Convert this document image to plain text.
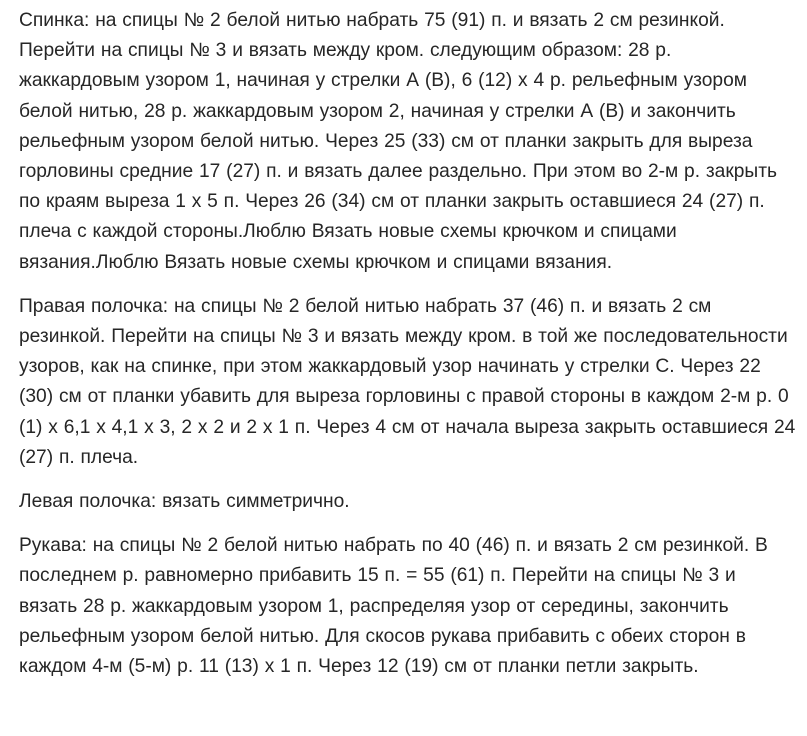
Спинка: на спицы № 2 белой нитью набрать 75 (91) п. и вязать 2 см резинкой. Перейти на спицы № 3 и вязать между кром. следующим образом: 28 р. жаккардовым узором 1, начиная у стрелки А (В), 6 (12) х 4 р. рельефным узором белой нитью, 28 р. жаккардовым узором 2, начиная у стрелки А (В) и закончить рельефным узором белой нитью. Через 25 (33) см от планки закрыть для выреза горловины средние 17 (27) п. и вязать далее раздельно. При этом во 2-м р. закрыть по краям выреза 1 х 5 п. Через 26 (34) см от планки закрыть оставшиеся 24 (27) п. плеча с каждой стороны.Люблю Вязать новые схемы крючком и спицами вязания.Люблю Вязать новые схемы крючком и спицами вязания.

Правая полочка: на спицы № 2 белой нитью набрать 37 (46) п. и вязать 2 см резинкой. Перейти на спицы № 3 и вязать между кром. в той же последовательности узоров, как на спинке, при этом жаккардовый узор начинать у стрелки С. Через 22 (30) см от планки убавить для выреза горловины с правой стороны в каждом 2-м р. 0 (1) х 6,1 х 4,1 х 3, 2 х 2 и 2 х 1 п. Через 4 см от начала выреза закрыть оставшиеся 24 (27) п. плеча.

Левая полочка: вязать симметрично.

Рукава: на спицы № 2 белой нитью набрать по 40 (46) п. и вязать 2 см резинкой. В последнем р. равномерно прибавить 15 п. = 55 (61) п. Перейти на спицы № 3 и вязать 28 р. жаккардовым узором 1, распределяя узор от середины, закончить рельефным узором белой нитью. Для скосов рукава прибавить с обеих сторон в каждом 4-м (5-м) р. 11 (13) х 1 п. Через 12 (19) см от планки петли закрыть.
